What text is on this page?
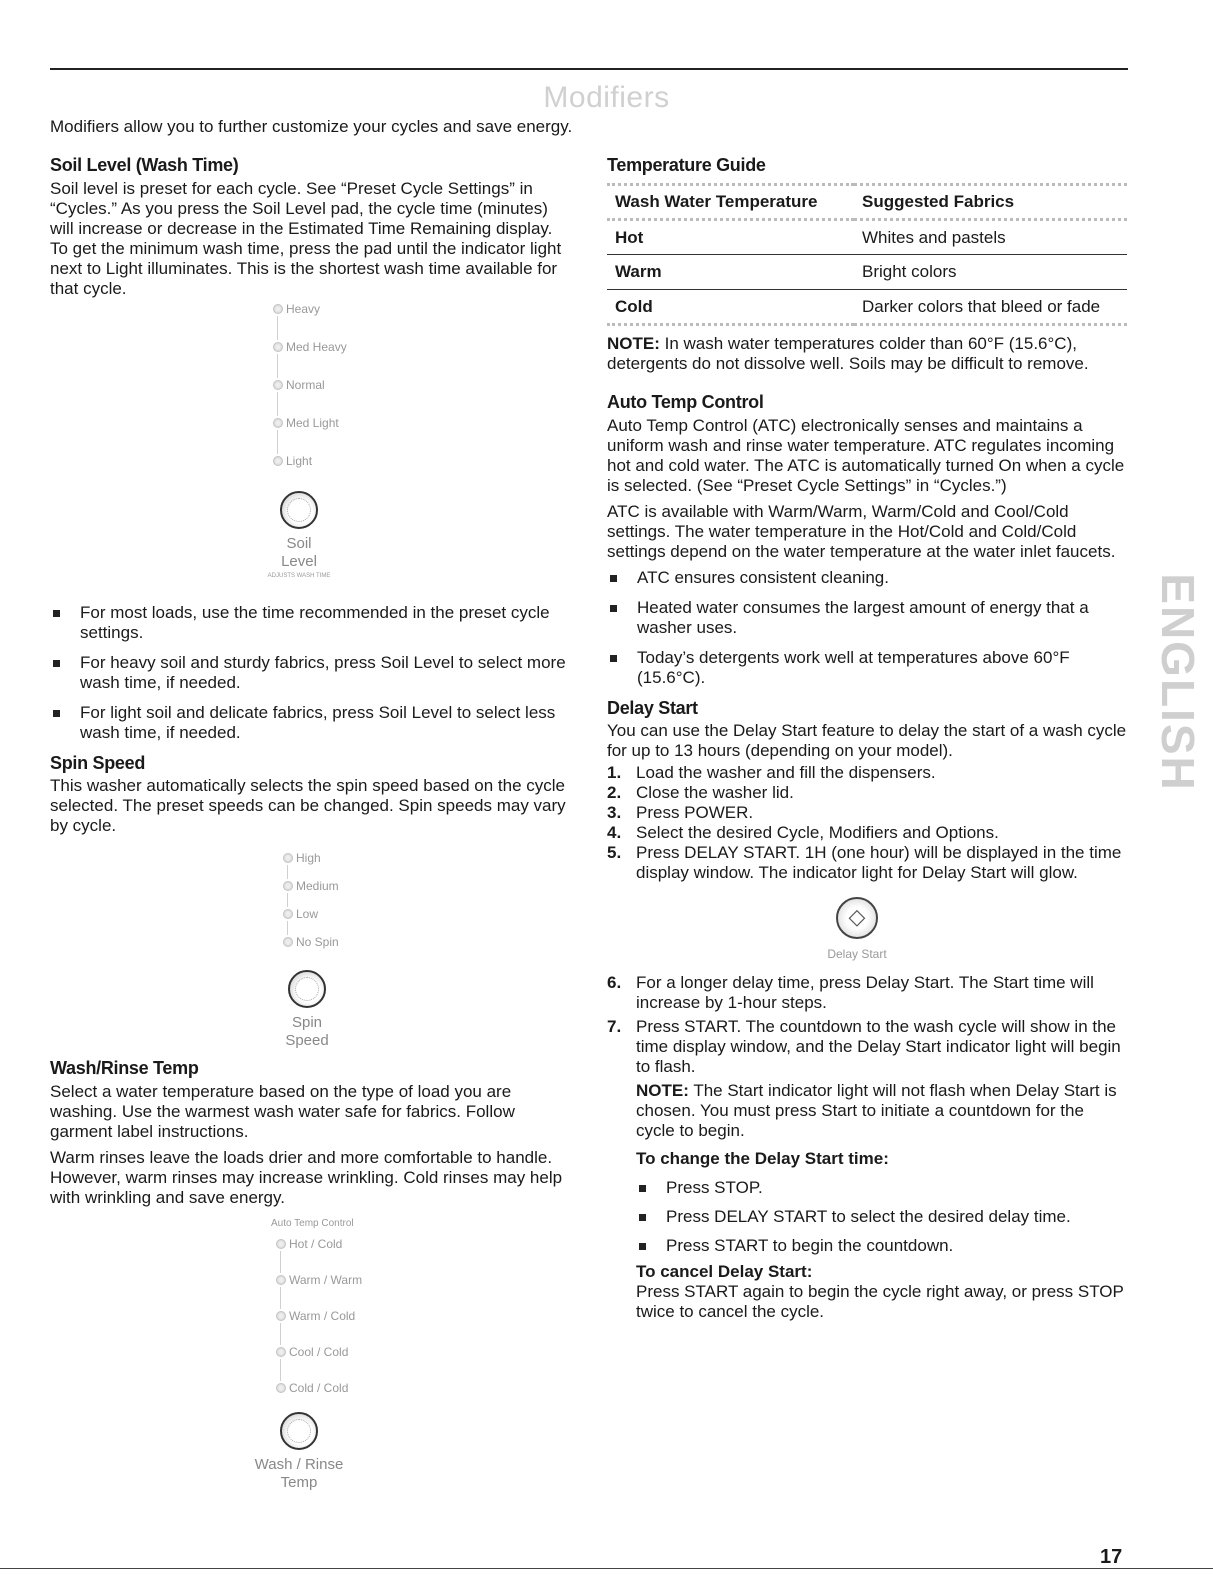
Modifiers
Modifiers allow you to further customize your cycles and save energy.
Soil Level (Wash Time)

Soil level is preset for each cycle. See “Preset Cycle Settings” in “Cycles.” As you press the Soil Level pad, the cycle time (minutes) will increase or decrease in the Estimated Time Remaining display. To get the minimum wash time, press the pad until the indicator light next to Light illuminates. This is the shortest wash time available for that cycle.

Heavy
Med Heavy
Normal
Med Light
Light
Soil
Level
ADJUSTS WASH TIME
For most loads, use the time recommended in the preset cycle settings.
For heavy soil and sturdy fabrics, press Soil Level to select more wash time, if needed.
For light soil and delicate fabrics, press Soil Level to select less wash time, if needed.
Spin Speed

This washer automatically selects the spin speed based on the cycle selected. The preset speeds can be changed. Spin speeds may vary by cycle.

High
Medium
Low
No Spin
Spin
Speed
Wash/Rinse Temp

Select a water temperature based on the type of load you are washing. Use the warmest wash water safe for fabrics. Follow garment label instructions.

Warm rinses leave the loads drier and more comfortable to handle. However, warm rinses may increase wrinkling. Cold rinses may help with wrinkling and save energy.

Auto Temp Control
Hot / Cold
Warm / Warm
Warm / Cold
Cool / Cold
Cold / Cold
Wash / Rinse
Temp
Temperature Guide
Wash Water Temperature	Suggested Fabrics
Hot	Whites and pastels
Warm	Bright colors
Cold	Darker colors that bleed or fade

NOTE: In wash water temperatures colder than 60°F (15.6°C), detergents do not dissolve well. Soils may be difficult to remove.

Auto Temp Control

Auto Temp Control (ATC) electronically senses and maintains a uniform wash and rinse water temperature. ATC regulates incoming hot and cold water. The ATC is automatically turned On when a cycle is selected. (See “Preset Cycle Settings” in “Cycles.”)

ATC is available with Warm/Warm, Warm/Cold and Cool/Cold settings. The water temperature in the Hot/Cold and Cold/Cold settings depend on the water temperature at the water inlet faucets.

ATC ensures consistent cleaning.
Heated water consumes the largest amount of energy that a washer uses.
Today’s detergents work well at temperatures above 60°F (15.6°C).
Delay Start

You can use the Delay Start feature to delay the start of a wash cycle for up to 13 hours (depending on your model).

1. Load the washer and fill the dispensers.
2. Close the washer lid.
3. Press POWER.
4. Select the desired Cycle, Modifiers and Options.
5. Press DELAY START. 1H (one hour) will be displayed in the time display window. The indicator light for Delay Start will glow.
◇
Delay Start
6. For a longer delay time, press Delay Start. The Start time will increase by 1-hour steps.
7. Press START. The countdown to the wash cycle will show in the time display window, and the Delay Start indicator light will begin to flash.

NOTE: The Start indicator light will not flash when Delay Start is chosen. You must press Start to initiate a countdown for the cycle to begin.

To change the Delay Start time:
Press STOP.
Press DELAY START to select the desired delay time.
Press START to begin the countdown.
To cancel Delay Start:

Press START again to begin the cycle right away, or press STOP twice to cancel the cycle.

ENGLISH
17
